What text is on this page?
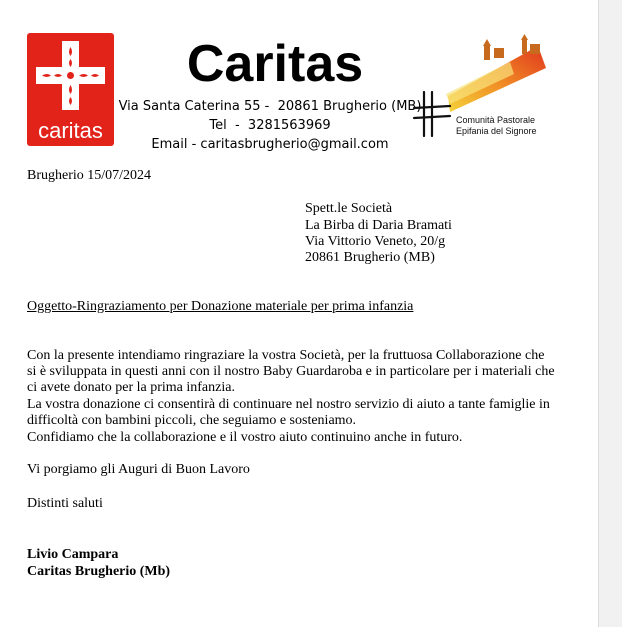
caritas
Caritas
Via Santa Caterina 55 -  20861 Brugherio (MB)
Tel  -  3281563969
Email - caritasbrugherio@gmail.com
Comunità Pastorale
Epifania del Signore
Brugherio 15/07/2024
Spett.le Società
La Birba di Daria Bramati
Via Vittorio Veneto, 20/g
20861 Brugherio (MB)
Oggetto-Ringraziamento per Donazione materiale per prima infanzia
Con la presente intendiamo ringraziare la vostra Società, per la fruttuosa Collaborazione che
si è sviluppata in questi anni con il nostro Baby Guardaroba e in particolare per i materiali che
ci avete donato per la prima infanzia.
La vostra donazione ci consentirà di continuare nel nostro servizio di aiuto a tante famiglie in
difficoltà con bambini piccoli, che seguiamo e sosteniamo.
Confidiamo che la collaborazione e il vostro aiuto continuino anche in futuro.
Vi porgiamo gli Auguri di Buon Lavoro
Distinti saluti
Livio Campara
Caritas Brugherio (Mb)
